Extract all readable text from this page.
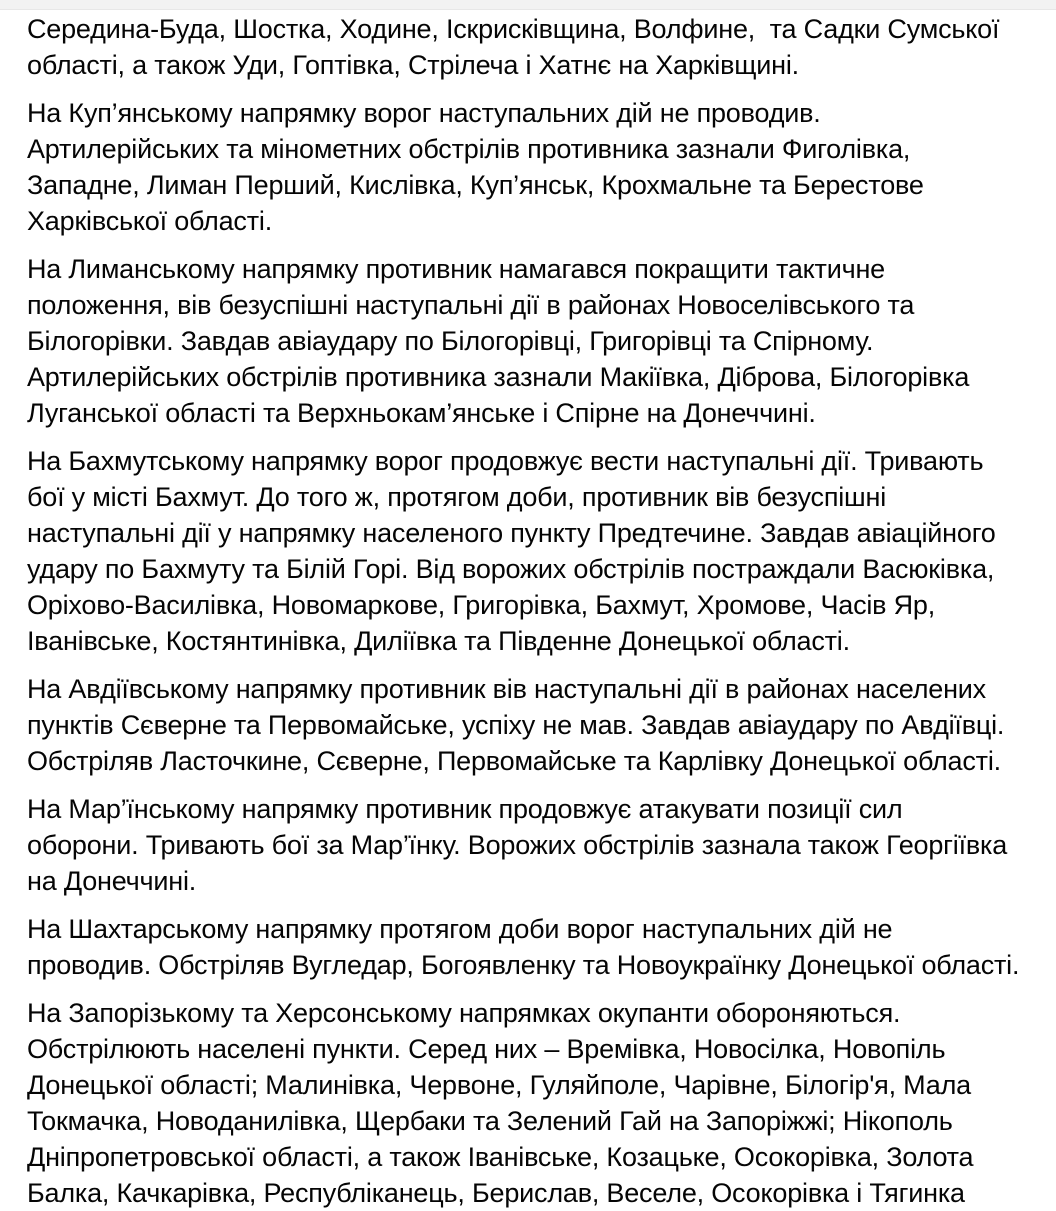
Середина-Буда, Шостка, Ходине, Іскрисківщина, Волфине,  та Садки Сумської
області, а також Уди, Гоптівка, Стрілеча і Хатнє на Харківщині.

На Куп’янському напрямку ворог наступальних дій не проводив.
Артилерійських та мінометних обстрілів противника зазнали Фиголівка,
Западне, Лиман Перший, Кислівка, Куп’янськ, Крохмальне та Берестове
Харківської області.

На Лиманському напрямку противник намагався покращити тактичне
положення, вів безуспішні наступальні дії в районах Новоселівського та
Білогорівки. Завдав авіаудару по Білогорівці, Григорівці та Спірному.
Артилерійських обстрілів противника зазнали Макіївка, Діброва, Білогорівка
Луганської області та Верхньокам’янське і Спірне на Донеччині.

На Бахмутському напрямку ворог продовжує вести наступальні дії. Тривають
бої у місті Бахмут. До того ж, протягом доби, противник вів безуспішні
наступальні дії у напрямку населеного пункту Предтечине. Завдав авіаційного
удару по Бахмуту та Білій Горі. Від ворожих обстрілів постраждали Васюківка,
Оріхово-Василівка, Новомаркове, Григорівка, Бахмут, Хромове, Часів Яр,
Іванівське, Костянтинівка, Диліївка та Південне Донецької області.

На Авдіївському напрямку противник вів наступальні дії в районах населених
пунктів Сєверне та Первомайське, успіху не мав. Завдав авіаудару по Авдіївці.
Обстріляв Ласточкине, Сєверне, Первомайське та Карлівку Донецької області.

На Мар’їнському напрямку противник продовжує атакувати позиції сил
оборони. Тривають бої за Мар’їнку. Ворожих обстрілів зазнала також Георгіївка
на Донеччині.

На Шахтарському напрямку протягом доби ворог наступальних дій не
проводив. Обстріляв Вугледар, Богоявленку та Новоукраїнку Донецької області.

На Запорізькому та Херсонському напрямках окупанти обороняються.
Обстрілюють населені пункти. Серед них – Времівка, Новосілка, Новопіль
Донецької області; Малинівка, Червоне, Гуляйполе, Чарівне, Білогір'я, Мала
Токмачка, Новоданилівка, Щербаки та Зелений Гай на Запоріжжі; Нікополь
Дніпропетровської області, а також Іванівське, Козацьке, Осокорівка, Золота
Балка, Качкарівка, Республіканець, Берислав, Веселе, Осокорівка і Тягинка
